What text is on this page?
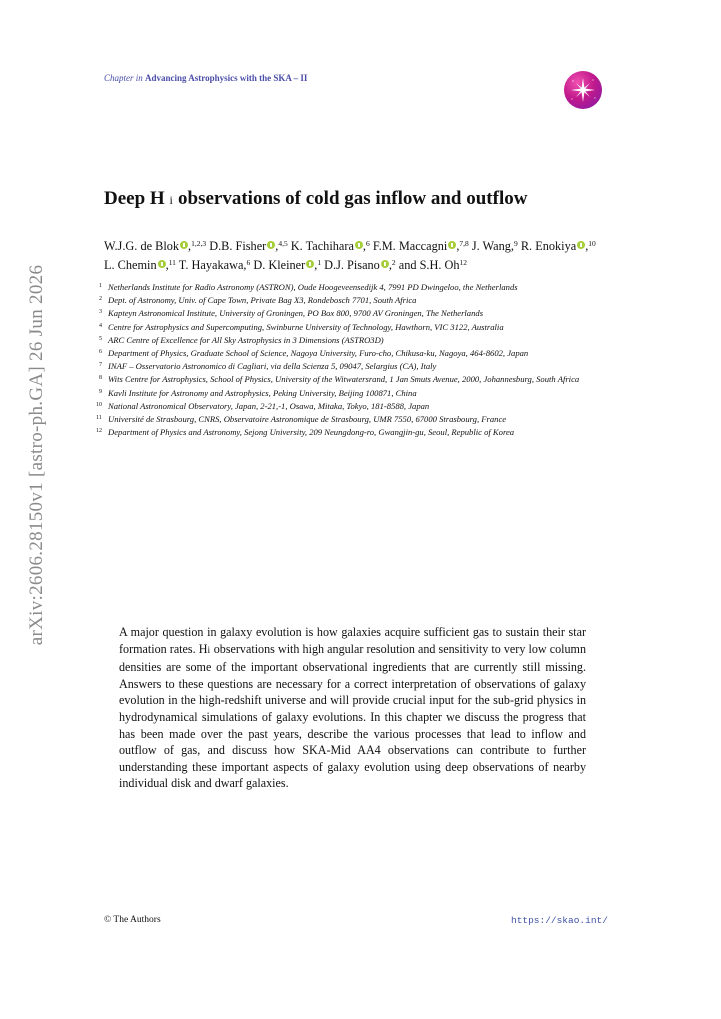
arXiv:2606.28150v1 [astro-ph.GA] 26 Jun 2026
Chapter in Advancing Astrophysics with the SKA – II
Deep H i observations of cold gas inflow and outflow
W.J.G. de Blok ,$^{1,2,3}$ D.B. Fisher ,$^{4,5}$ K. Tachihara ,$^6$ F.M. Maccagni ,$^{7,8}$ J. Wang,$^9$ R. Enokiya ,$^{10}$ L. Chemin ,$^{11}$ T. Hayakawa,$^6$ D. Kleiner ,$^1$ D.J. Pisano ,$^2$ and S.H. Oh$^{12}$
1 Netherlands Institute for Radio Astronomy (ASTRON), Oude Hoogeveensedijk 4, 7991 PD Dwingeloo, the Netherlands
2 Dept. of Astronomy, Univ. of Cape Town, Private Bag X3, Rondebosch 7701, South Africa
3 Kapteyn Astronomical Institute, University of Groningen, PO Box 800, 9700 AV Groningen, The Netherlands
4 Centre for Astrophysics and Supercomputing, Swinburne University of Technology, Hawthorn, VIC 3122, Australia
5 ARC Centre of Excellence for All Sky Astrophysics in 3 Dimensions (ASTRO3D)
6 Department of Physics, Graduate School of Science, Nagoya University, Furo-cho, Chikusa-ku, Nagoya, 464-8602, Japan
7 INAF – Osservatorio Astronomico di Cagliari, via della Scienza 5, 09047, Selargius (CA), Italy
8 Wits Centre for Astrophysics, School of Physics, University of the Witwatersrand, 1 Jan Smuts Avenue, 2000, Johannesburg, South Africa
9 Kavli Institute for Astronomy and Astrophysics, Peking University, Beijing 100871, China
10 National Astronomical Observatory, Japan, 2-21,-1, Osawa, Mitaka, Tokyo, 181-8588, Japan
11 Université de Strasbourg, CNRS, Observatoire Astronomique de Strasbourg, UMR 7550, 67000 Strasbourg, France
12 Department of Physics and Astronomy, Sejong University, 209 Neungdong-ro, Gwangjin-gu, Seoul, Republic of Korea
A major question in galaxy evolution is how galaxies acquire sufficient gas to sustain their star formation rates. Hi observations with high angular resolution and sensitivity to very low column densities are some of the important observational ingredients that are currently still missing. Answers to these questions are necessary for a correct interpretation of observations of galaxy evolution in the high-redshift universe and will provide crucial input for the sub-grid physics in hydrodynamical simulations of galaxy evolutions. In this chapter we discuss the progress that has been made over the past years, describe the various processes that lead to inflow and outflow of gas, and discuss how SKA-Mid AA4 observations can contribute to further understanding these important aspects of galaxy evolution using deep observations of nearby individual disk and dwarf galaxies.
© The Authors	https://skao.int/
